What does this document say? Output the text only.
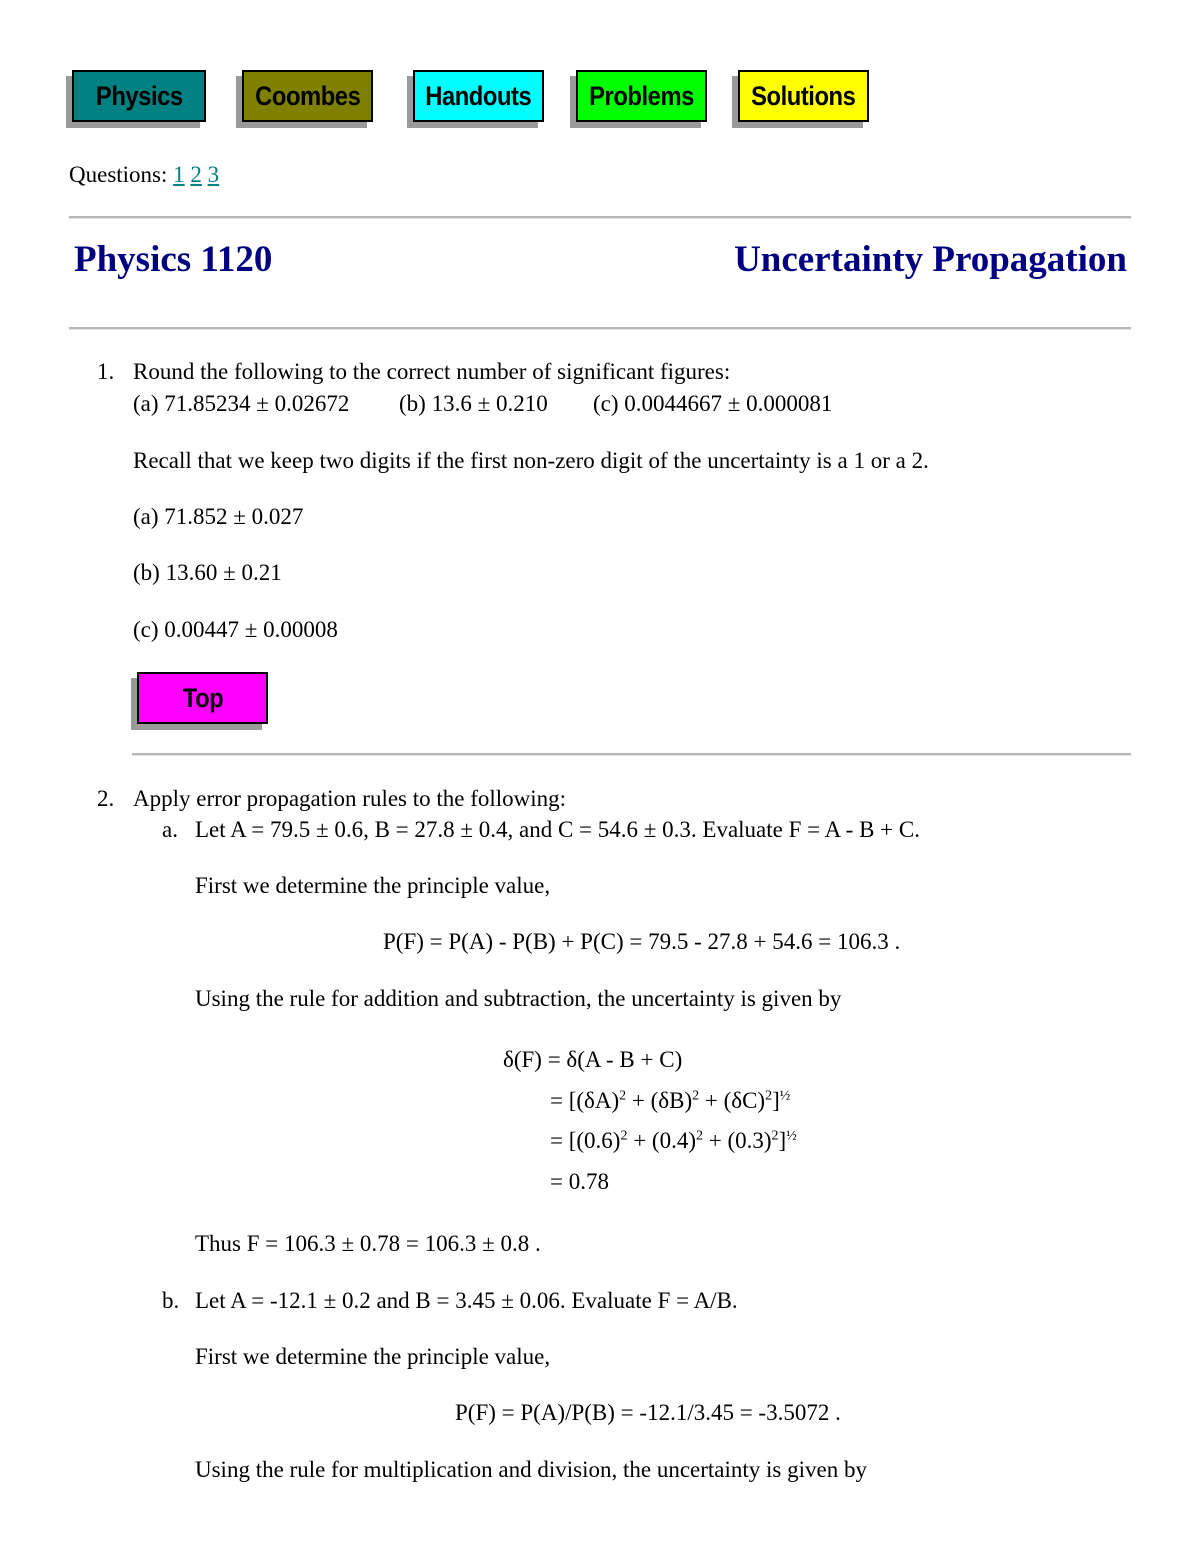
Physics	Coombes Handouts Problems Solutions
Questions: 1 2 3
Physics 1120	Uncertainty Propagation
1. Round the following to the correct number of significant figures:
(a) 71.85234 ± 0.02672 (b) 13.6 ± 0.210 (c) 0.0044667 ± 0.000081
Recall that we keep two digits if the first non-zero digit of the uncertainty is a 1 or a 2.
(a) 71.852 ± 0.027
(b) 13.60 ± 0.21
(c) 0.00447 ± 0.00008
Top
2. Apply error propagation rules to the following:
a. Let A = 79.5 ± 0.6, B = 27.8 ± 0.4, and C = 54.6 ± 0.3. Evaluate F = A - B + C.
First we determine the principle value,
P(F) = P(A) - P(B) + P(C) = 79.5 - 27.8 + 54.6 = 106.3 .
Using the rule for addition and subtraction, the uncertainty is given by
δ(F) = δ(A - B + C)
= $[(\delta A)^2 + (\delta B)^2 + (\delta C)^2]^{\frac{1}{2}}$
= $[(0.6)^2 + (0.4)^2 + (0.3)^2]^{\frac{1}{2}}$
= 0.78
Thus F = 106.3 ± 0.78 = 106.3 ± 0.8 .
b. Let A = -12.1 ± 0.2 and B = 3.45 ± 0.06. Evaluate F = A/B.
First we determine the principle value,
P(F) = P(A)/P(B) = -12.1/3.45 = -3.5072 .
Using the rule for multiplication and division, the uncertainty is given by
